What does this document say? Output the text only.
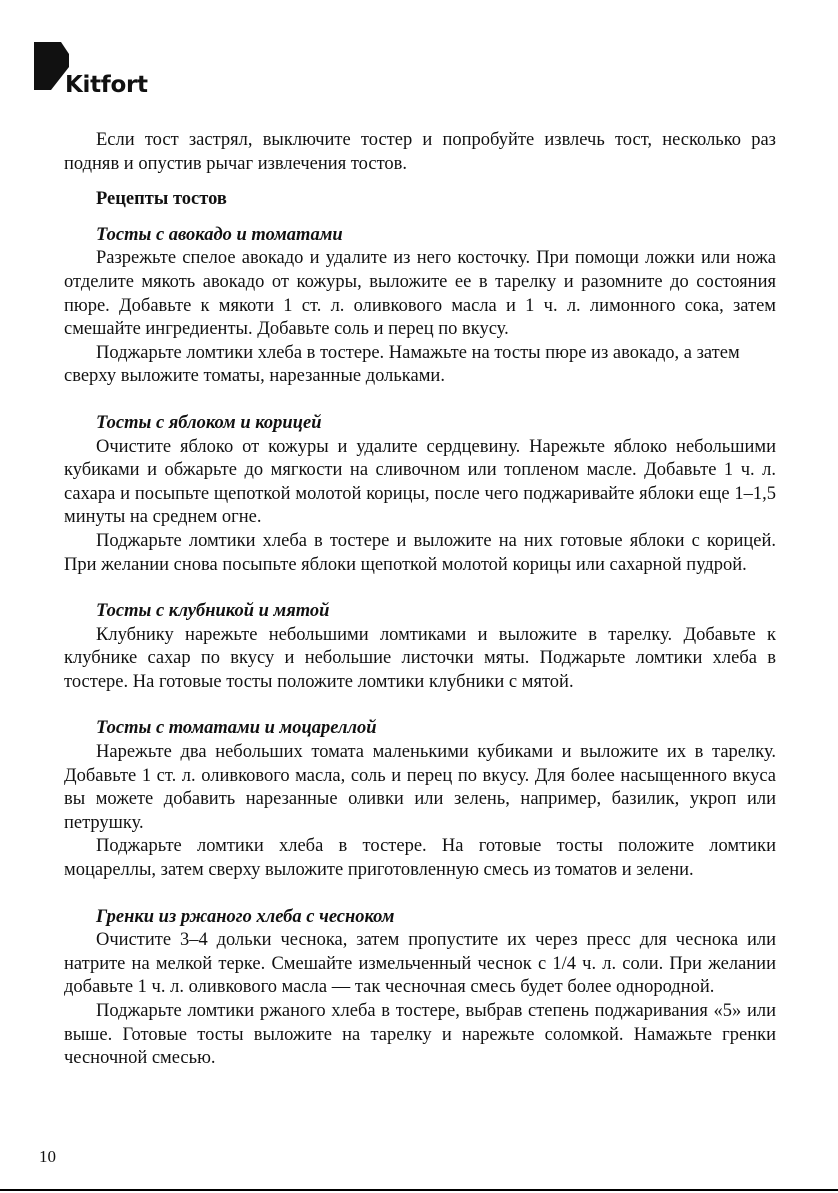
Kitfort

Если тост застрял, выключите тостер и попробуйте извлечь тост, несколько раз подняв и опустив рычаг извлечения тостов.

Рецепты тостов
Тосты с авокадо и томатами

Разрежьте спелое авокадо и удалите из него косточку. При помощи ложки или ножа отделите мякоть авокадо от кожуры, выложите ее в тарелку и разомните до состояния пюре. Добавьте к мякоти 1 ст. л. оливкового масла и 1 ч. л. лимонного сока, затем смешайте ингредиенты. Добавьте соль и перец по вкусу.

Поджарьте ломтики хлеба в тостере. Намажьте на тосты пюре из авокадо, а затем сверху выложите томаты, нарезанные дольками.

Тосты с яблоком и корицей

Очистите яблоко от кожуры и удалите сердцевину. Нарежьте яблоко небольшими кубиками и обжарьте до мягкости на сливочном или топленом масле. Добавьте 1 ч. л. сахара и посыпьте щепоткой молотой корицы, после чего поджаривайте яблоки еще 1–1,5 минуты на среднем огне.

Поджарьте ломтики хлеба в тостере и выложите на них готовые яблоки с корицей. При желании снова посыпьте яблоки щепоткой молотой корицы или сахарной пудрой.

Тосты с клубникой и мятой

Клубнику нарежьте небольшими ломтиками и выложите в тарелку. Добавьте к клубнике сахар по вкусу и небольшие листочки мяты. Поджарьте ломтики хлеба в тостере. На готовые тосты положите ломтики клубники с мятой.

Тосты с томатами и моцареллой

Нарежьте два небольших томата маленькими кубиками и выложите их в тарелку. Добавьте 1 ст. л. оливкового масла, соль и перец по вкусу. Для более насыщенного вкуса вы можете добавить нарезанные оливки или зелень, например, базилик, укроп или петрушку.

Поджарьте ломтики хлеба в тостере. На готовые тосты положите ломтики моцареллы, затем сверху выложите приготовленную смесь из томатов и зелени.

Гренки из ржаного хлеба с чесноком

Очистите 3–4 дольки чеснока, затем пропустите их через пресс для чеснока или натрите на мелкой терке. Смешайте измельченный чеснок с 1/4 ч. л. соли. При желании добавьте 1 ч. л. оливкового масла — так чесночная смесь будет более однородной.

Поджарьте ломтики ржаного хлеба в тостере, выбрав степень поджаривания «5» или выше. Готовые тосты выложите на тарелку и нарежьте соломкой. Намажьте гренки чесночной смесью.

10
